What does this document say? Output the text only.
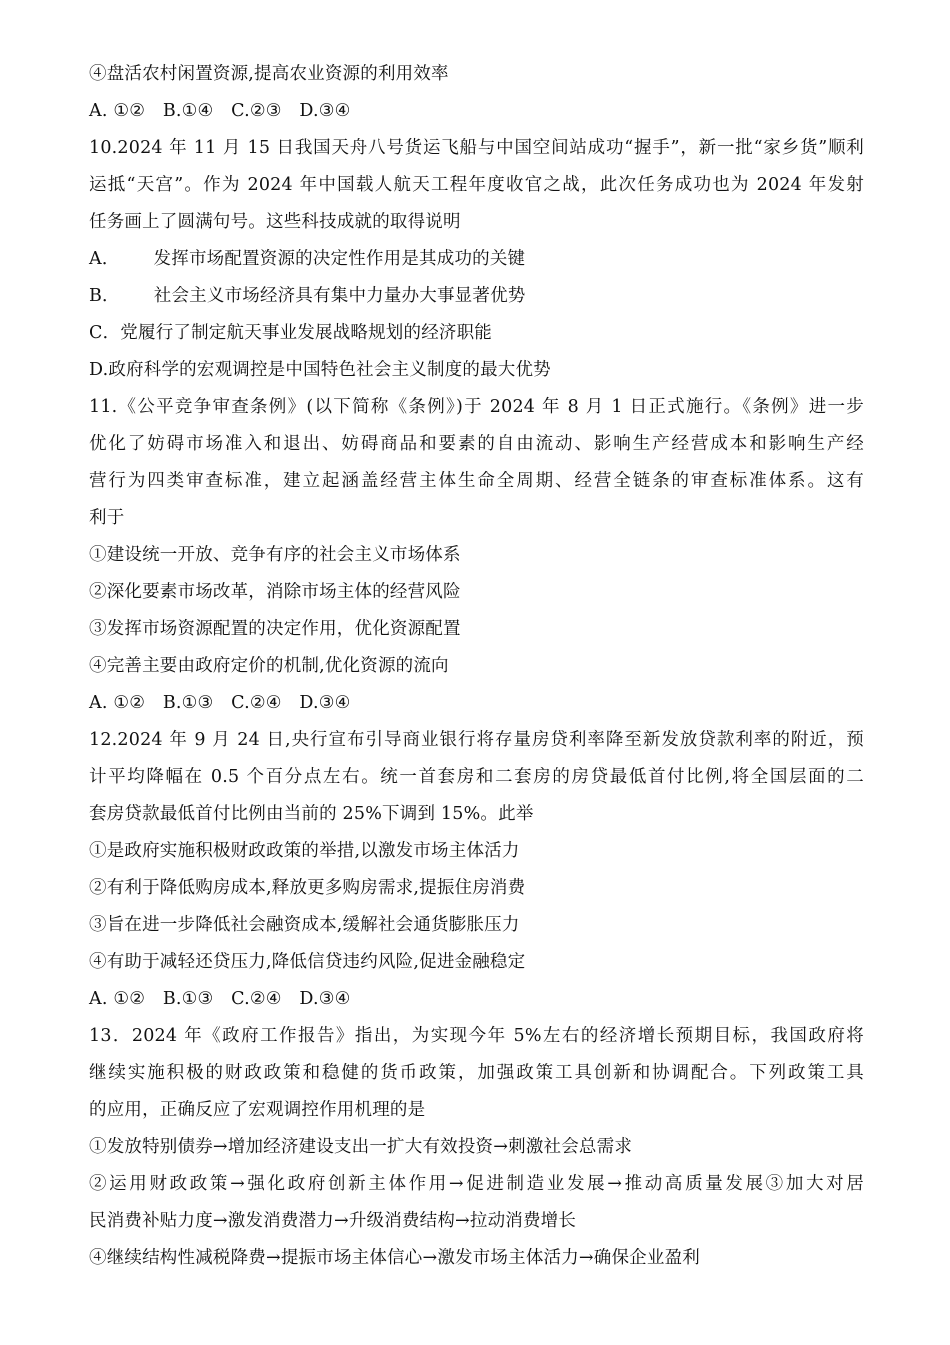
④盘活农村闲置资源,提高农业资源的利用效率
A. ①②　B.①④　C.②③　D.③④
10.2024 年 11 月 15 日我国天舟八号货运飞船与中国空间站成功“握手”，新一批“家乡货”顺利
运抵“天宫”。作为 2024 年中国载人航天工程年度收官之战，此次任务成功也为 2024 年发射
任务画上了圆满句号。这些科技成就的取得说明
A． 发挥市场配置资源的决定性作用是其成功的关键
B． 社会主义市场经济具有集中力量办大事显著优势
C．党履行了制定航天事业发展战略规划的经济职能
D.政府科学的宏观调控是中国特色社会主义制度的最大优势
11.《公平竞争审查条例》(以下简称《条例》)于 2024 年 8 月 1 日正式施行。《条例》进一步
优化了妨碍市场准入和退出、妨碍商品和要素的自由流动、影响生产经营成本和影响生产经
营行为四类审查标准，建立起涵盖经营主体生命全周期、经营全链条的审查标准体系。这有
利于
①建设统一开放、竞争有序的社会主义市场体系
②深化要素市场改革，消除市场主体的经营风险
③发挥市场资源配置的决定作用，优化资源配置
④完善主要由政府定价的机制,优化资源的流向
A. ①②　B.①③　C.②④　D.③④
12.2024 年 9 月 24 日,央行宣布引导商业银行将存量房贷利率降至新发放贷款利率的附近，预
计平均降幅在 0.5 个百分点左右。统一首套房和二套房的房贷最低首付比例,将全国层面的二
套房贷款最低首付比例由当前的 25%下调到 15%。此举
①是政府实施积极财政政策的举措,以激发市场主体活力
②有利于降低购房成本,释放更多购房需求,提振住房消费
③旨在进一步降低社会融资成本,缓解社会通货膨胀压力
④有助于减轻还贷压力,降低信贷违约风险,促进金融稳定
A. ①②　B.①③　C.②④　D.③④
13．2024 年《政府工作报告》指出，为实现今年 5%左右的经济增长预期目标，我国政府将
继续实施积极的财政政策和稳健的货币政策，加强政策工具创新和协调配合。下列政策工具
的应用，正确反应了宏观调控作用机理的是
①发放特别债券→增加经济建设支出一扩大有效投资→刺激社会总需求
②运用财政政策→强化政府创新主体作用→促进制造业发展→推动高质量发展③加大对居
民消费补贴力度→激发消费潜力→升级消费结构→拉动消费增长
④继续结构性减税降费→提振市场主体信心→激发市场主体活力→确保企业盈利
